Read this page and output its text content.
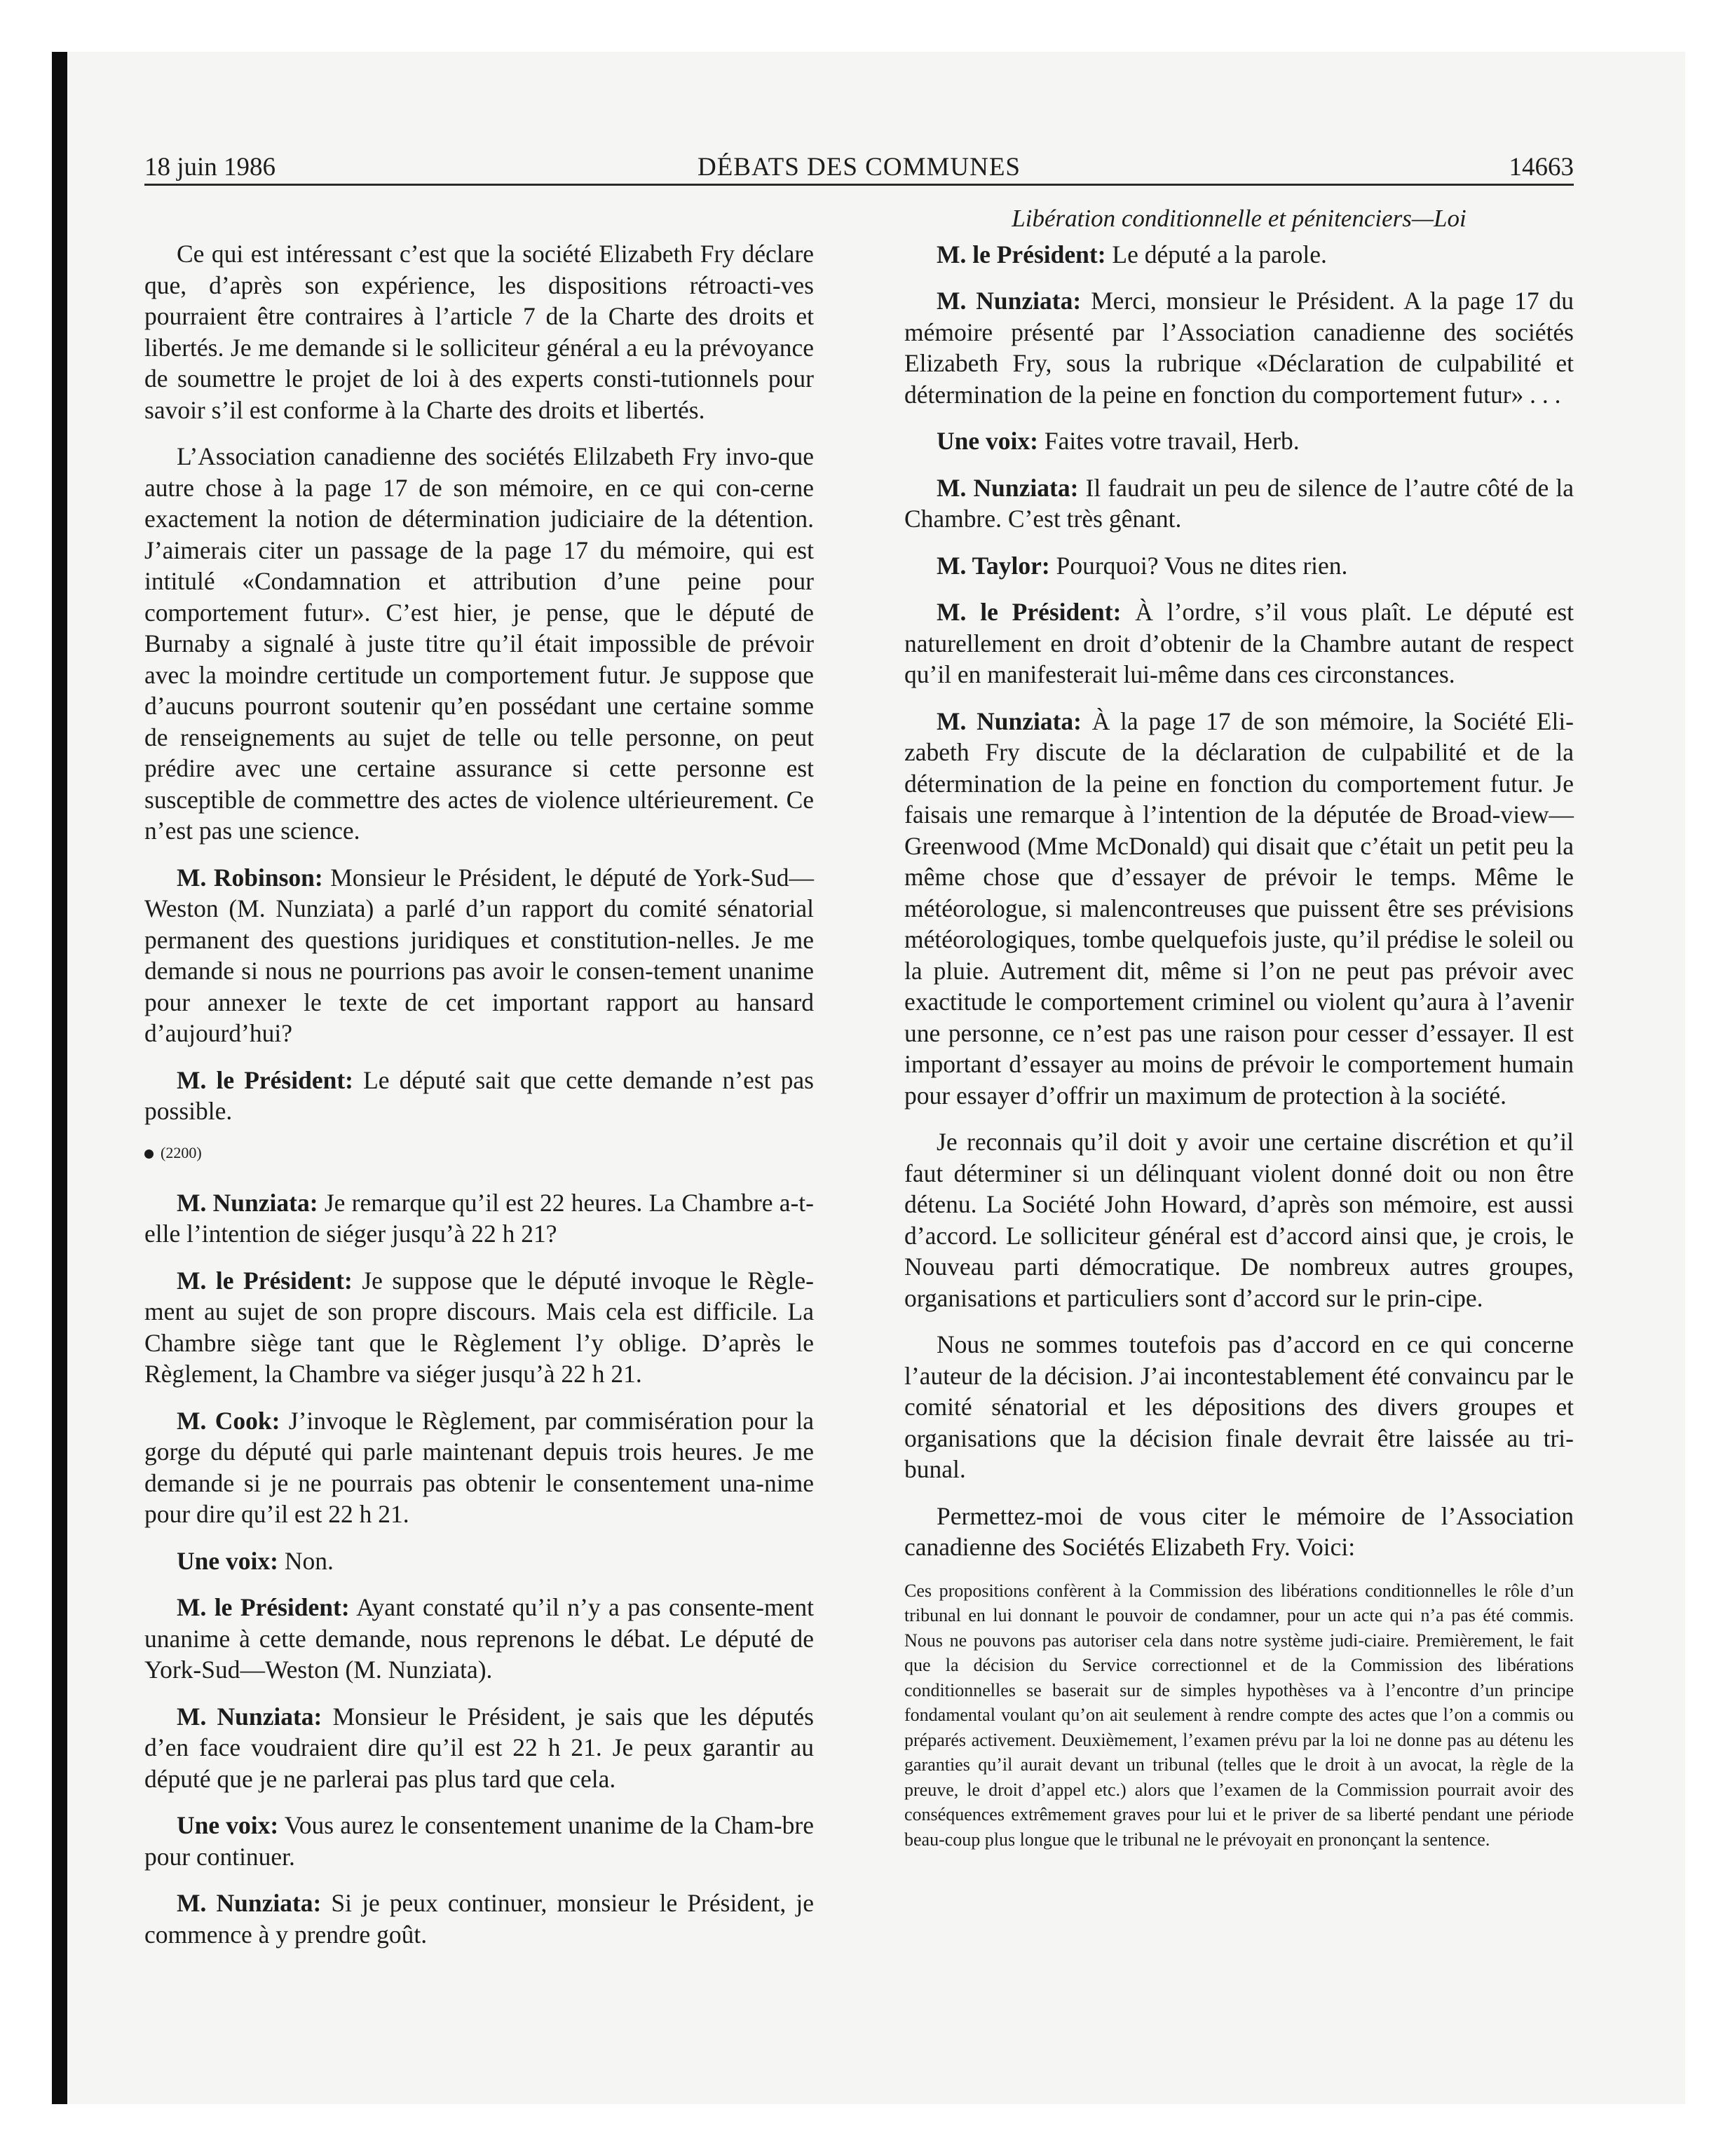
18 juin 1986	DÉBATS DES COMMUNES	14663

Ce qui est intéressant c’est que la société Elizabeth Fry déclare que, d’après son expérience, les dispositions rétroacti-ves pourraient être contraires à l’article 7 de la Charte des droits et libertés. Je me demande si le solliciteur général a eu la prévoyance de soumettre le projet de loi à des experts consti-tutionnels pour savoir s’il est conforme à la Charte des droits et libertés.

L’Association canadienne des sociétés Elilzabeth Fry invo-que autre chose à la page 17 de son mémoire, en ce qui con-cerne exactement la notion de détermination judiciaire de la détention. J’aimerais citer un passage de la page 17 du mémoire, qui est intitulé «Condamnation et attribution d’une peine pour comportement futur». C’est hier, je pense, que le député de Burnaby a signalé à juste titre qu’il était impossible de prévoir avec la moindre certitude un comportement futur. Je suppose que d’aucuns pourront soutenir qu’en possédant une certaine somme de renseignements au sujet de telle ou telle personne, on peut prédire avec une certaine assurance si cette personne est susceptible de commettre des actes de violence ultérieurement. Ce n’est pas une science.

M. Robinson: Monsieur le Président, le député de York-Sud—Weston (M. Nunziata) a parlé d’un rapport du comité sénatorial permanent des questions juridiques et constitution-nelles. Je me demande si nous ne pourrions pas avoir le consen-tement unanime pour annexer le texte de cet important rapport au hansard d’aujourd’hui?

M. le Président: Le député sait que cette demande n’est pas possible.

(2200)

M. Nunziata: Je remarque qu’il est 22 heures. La Chambre a-t-elle l’intention de siéger jusqu’à 22 h 21?

M. le Président: Je suppose que le député invoque le Règle-ment au sujet de son propre discours. Mais cela est difficile. La Chambre siège tant que le Règlement l’y oblige. D’après le Règlement, la Chambre va siéger jusqu’à 22 h 21.

M. Cook: J’invoque le Règlement, par commisération pour la gorge du député qui parle maintenant depuis trois heures. Je me demande si je ne pourrais pas obtenir le consentement una-nime pour dire qu’il est 22 h 21.

Une voix: Non.

M. le Président: Ayant constaté qu’il n’y a pas consente-ment unanime à cette demande, nous reprenons le débat. Le député de York-Sud—Weston (M. Nunziata).

M. Nunziata: Monsieur le Président, je sais que les députés d’en face voudraient dire qu’il est 22 h 21. Je peux garantir au député que je ne parlerai pas plus tard que cela.

Une voix: Vous aurez le consentement unanime de la Cham-bre pour continuer.

M. Nunziata: Si je peux continuer, monsieur le Président, je commence à y prendre goût.

Libération conditionnelle et pénitenciers—Loi

M. le Président: Le député a la parole.

M. Nunziata: Merci, monsieur le Président. A la page 17 du mémoire présenté par l’Association canadienne des sociétés Elizabeth Fry, sous la rubrique «Déclaration de culpabilité et détermination de la peine en fonction du comportement futur» . . .

Une voix: Faites votre travail, Herb.

M. Nunziata: Il faudrait un peu de silence de l’autre côté de la Chambre. C’est très gênant.

M. Taylor: Pourquoi? Vous ne dites rien.

M. le Président: À l’ordre, s’il vous plaît. Le député est naturellement en droit d’obtenir de la Chambre autant de respect qu’il en manifesterait lui-même dans ces circonstances.

M. Nunziata: À la page 17 de son mémoire, la Société Eli-zabeth Fry discute de la déclaration de culpabilité et de la détermination de la peine en fonction du comportement futur. Je faisais une remarque à l’intention de la députée de Broad-view—Greenwood (Mme McDonald) qui disait que c’était un petit peu la même chose que d’essayer de prévoir le temps. Même le météorologue, si malencontreuses que puissent être ses prévisions météorologiques, tombe quelquefois juste, qu’il prédise le soleil ou la pluie. Autrement dit, même si l’on ne peut pas prévoir avec exactitude le comportement criminel ou violent qu’aura à l’avenir une personne, ce n’est pas une raison pour cesser d’essayer. Il est important d’essayer au moins de prévoir le comportement humain pour essayer d’offrir un maximum de protection à la société.

Je reconnais qu’il doit y avoir une certaine discrétion et qu’il faut déterminer si un délinquant violent donné doit ou non être détenu. La Société John Howard, d’après son mémoire, est aussi d’accord. Le solliciteur général est d’accord ainsi que, je crois, le Nouveau parti démocratique. De nombreux autres groupes, organisations et particuliers sont d’accord sur le prin-cipe.

Nous ne sommes toutefois pas d’accord en ce qui concerne l’auteur de la décision. J’ai incontestablement été convaincu par le comité sénatorial et les dépositions des divers groupes et organisations que la décision finale devrait être laissée au tri-bunal.

Permettez-moi de vous citer le mémoire de l’Association canadienne des Sociétés Elizabeth Fry. Voici:

Ces propositions confèrent à la Commission des libérations conditionnelles le rôle d’un tribunal en lui donnant le pouvoir de condamner, pour un acte qui n’a pas été commis. Nous ne pouvons pas autoriser cela dans notre système judi-ciaire. Premièrement, le fait que la décision du Service correctionnel et de la Commission des libérations conditionnelles se baserait sur de simples hypothèses va à l’encontre d’un principe fondamental voulant qu’on ait seulement à rendre compte des actes que l’on a commis ou préparés activement. Deuxièmement, l’examen prévu par la loi ne donne pas au détenu les garanties qu’il aurait devant un tribunal (telles que le droit à un avocat, la règle de la preuve, le droit d’appel etc.) alors que l’examen de la Commission pourrait avoir des conséquences extrêmement graves pour lui et le priver de sa liberté pendant une période beau-coup plus longue que le tribunal ne le prévoyait en prononçant la sentence.
